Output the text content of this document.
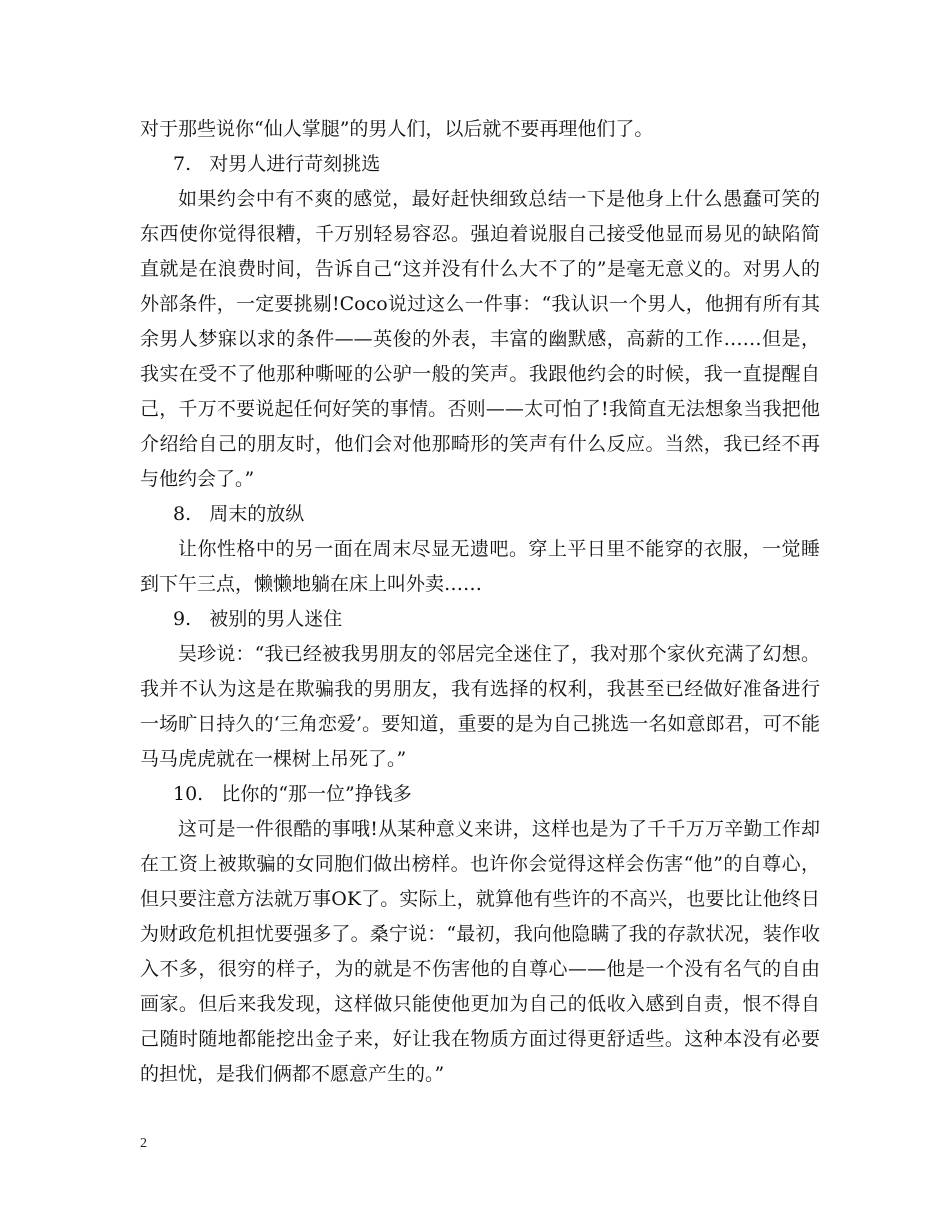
对于那些说你“仙人掌腿”的男人们，以后就不要再理他们了。

7.   对男人进行苛刻挑选

如果约会中有不爽的感觉，最好赶快细致总结一下是他身上什么愚蠢可笑的东西使你觉得很糟，千万别轻易容忍。强迫着说服自己接受他显而易见的缺陷简直就是在浪费时间，告诉自己“这并没有什么大不了的”是毫无意义的。对男人的外部条件，一定要挑剔!Coco说过这么一件事：“我认识一个男人，他拥有所有其余男人梦寐以求的条件——英俊的外表，丰富的幽默感，高薪的工作……但是，我实在受不了他那种嘶哑的公驴一般的笑声。我跟他约会的时候，我一直提醒自己，千万不要说起任何好笑的事情。否则——太可怕了!我简直无法想象当我把他介绍给自己的朋友时，他们会对他那畸形的笑声有什么反应。当然，我已经不再与他约会了。”

8.   周末的放纵

让你性格中的另一面在周末尽显无遗吧。穿上平日里不能穿的衣服，一觉睡到下午三点，懒懒地躺在床上叫外卖……

9.   被别的男人迷住

吴珍说：“我已经被我男朋友的邻居完全迷住了，我对那个家伙充满了幻想。我并不认为这是在欺骗我的男朋友，我有选择的权利，我甚至已经做好准备进行一场旷日持久的‘三角恋爱’。要知道，重要的是为自己挑选一名如意郎君，可不能马马虎虎就在一棵树上吊死了。”

10.   比你的“那一位”挣钱多

这可是一件很酷的事哦!从某种意义来讲，这样也是为了千千万万辛勤工作却在工资上被欺骗的女同胞们做出榜样。也许你会觉得这样会伤害“他”的自尊心，但只要注意方法就万事OK了。实际上，就算他有些许的不高兴，也要比让他终日为财政危机担忧要强多了。桑宁说：“最初，我向他隐瞒了我的存款状况，装作收入不多，很穷的样子，为的就是不伤害他的自尊心——他是一个没有名气的自由画家。但后来我发现，这样做只能使他更加为自己的低收入感到自责，恨不得自己随时随地都能挖出金子来，好让我在物质方面过得更舒适些。这种本没有必要的担忧，是我们俩都不愿意产生的。”

2
